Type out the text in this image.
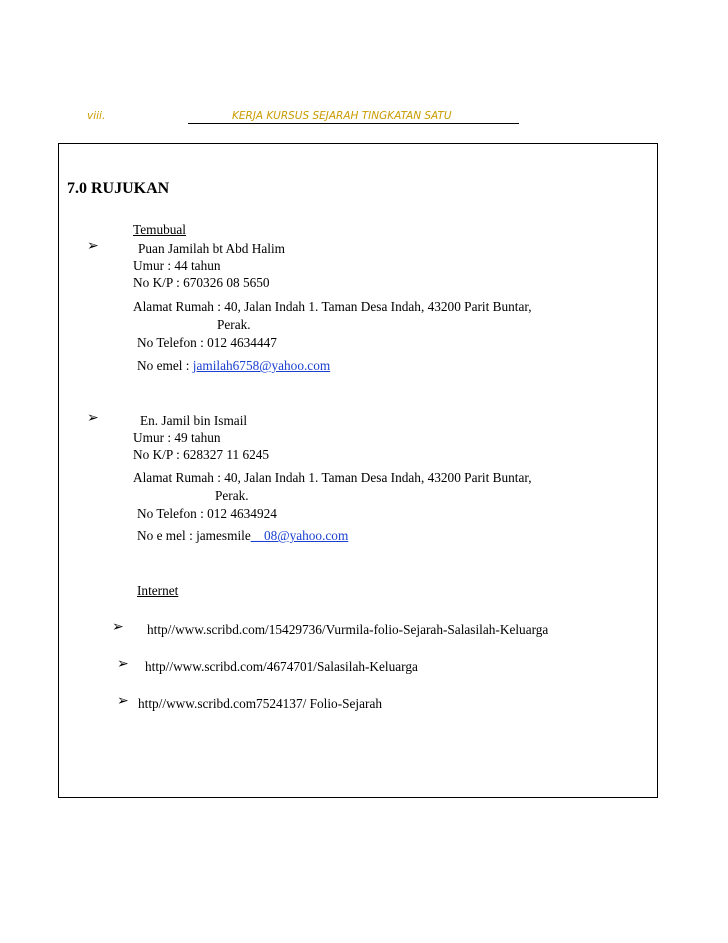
viii.	KERJA KURSUS SEJARAH TINGKATAN SATU
7.0 RUJUKAN
Temubual
➢	Puan Jamilah bt Abd Halim
Umur : 44 tahun
No K/P : 670326 08 5650
Alamat Rumah : 40, Jalan Indah 1. Taman Desa Indah, 43200 Parit Buntar,
Perak.
No Telefon : 012 4634447
No emel : jamilah6758@yahoo.com
➢	En. Jamil bin Ismail
Umur : 49 tahun
No K/P : 628327 11 6245
Alamat Rumah : 40, Jalan Indah 1. Taman Desa Indah, 43200 Parit Buntar,
Perak.
No Telefon : 012 4634924
No e mel : jamesmile__08@yahoo.com
Internet
➢ http//www.scribd.com/15429736/Vurmila-folio-Sejarah-Salasilah-Keluarga
➢ http//www.scribd.com/4674701/Salasilah-Keluarga
➢ http//www.scribd.com7524137/ Folio-Sejarah
